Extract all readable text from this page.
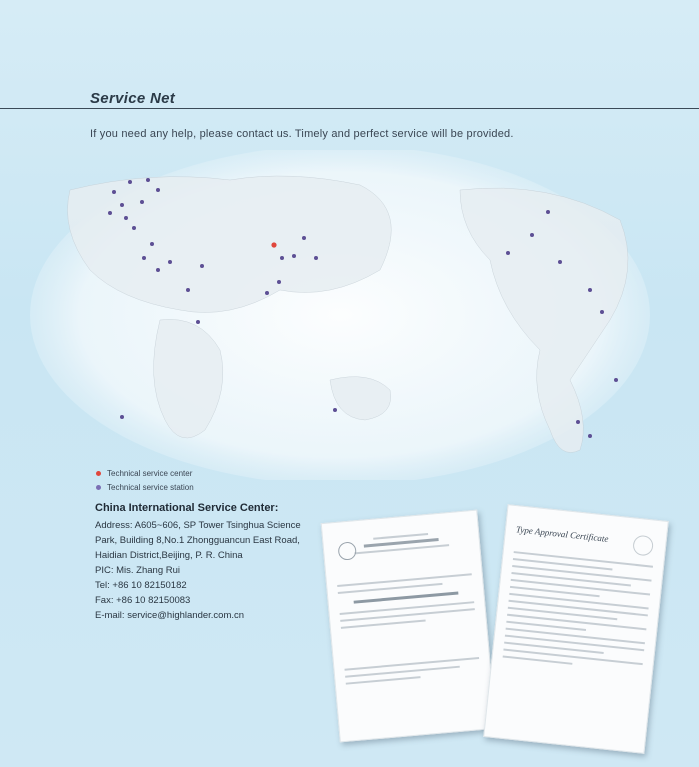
Service Net
If you need any help, please contact us. Timely and perfect service will be provided.
Technical service center
Technical service station
China International Service Center:
Address: A605~606, SP Tower Tsinghua Science
Park, Building 8,No.1 Zhongguancun East Road,
Haidian District,Beijing, P. R. China
PIC: Mis. Zhang Rui
Tel: +86 10 82150182
Fax: +86 10 82150083
E-mail: service@highlander.com.cn
Type Approval Certificate
